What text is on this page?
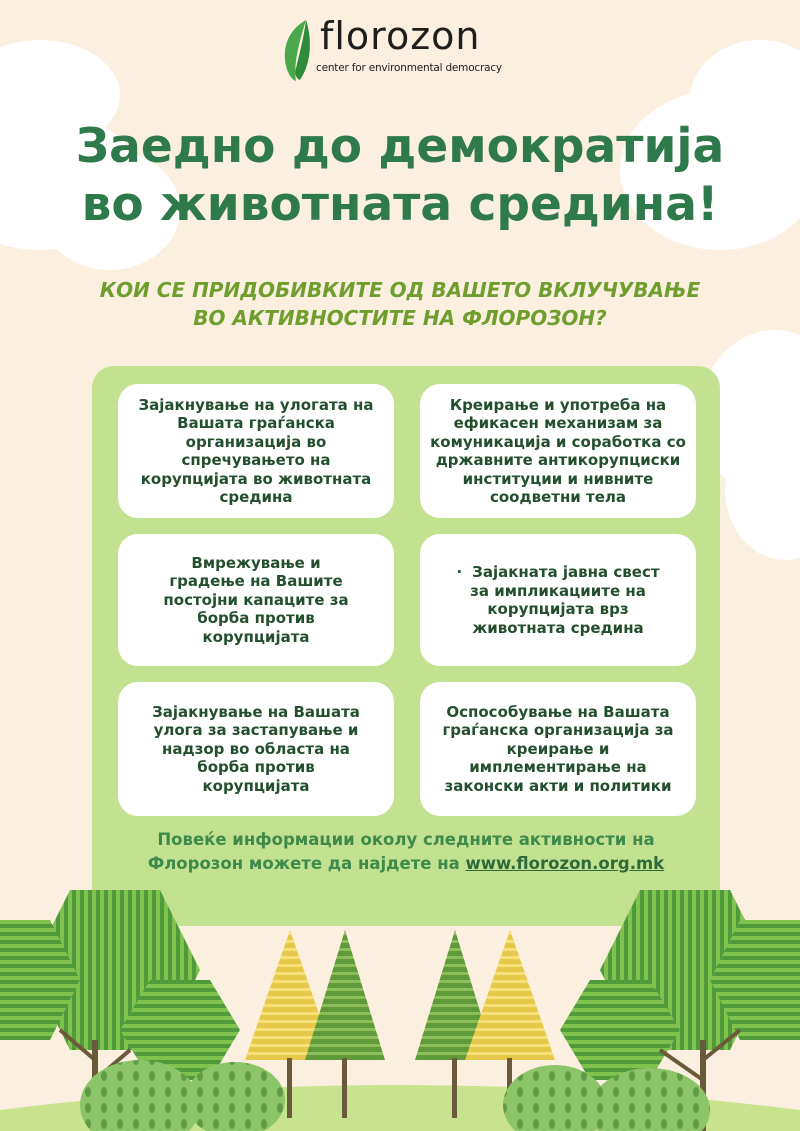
florozon
center for environmental democracy
Заедно до демократија
во животната средина!
КОИ СЕ ПРИДОБИВКИТЕ ОД ВАШЕТО ВКЛУЧУВАЊЕ
ВО АКТИВНОСТИТЕ НА ФЛОРОЗОН?
Зајакнување на улогата на
Вашата граѓанска
организација во
спречувањето на
корупцијата во животната
средина
Креирање и употреба на
ефикасен механизам за
комуникација и соработка со
државните антикорупциски
институции и нивните
соодветни тела
Вмрежување и
градење на Вашите
постојни капаците за
борба против
корупцијата
· Зајакната јавна свест
за импликациите на
корупцијата врз
животната средина
Зајакнување на Вашата
улога за застапување и
надзор во областа на
борба против
корупцијата
Оспособување на Вашата
граѓанска организација за
креирање и
имплементирање на
законски акти и политики
Повеќе информации околу следните активности на
Флорозон можете да најдете на www.florozon.org.mk
